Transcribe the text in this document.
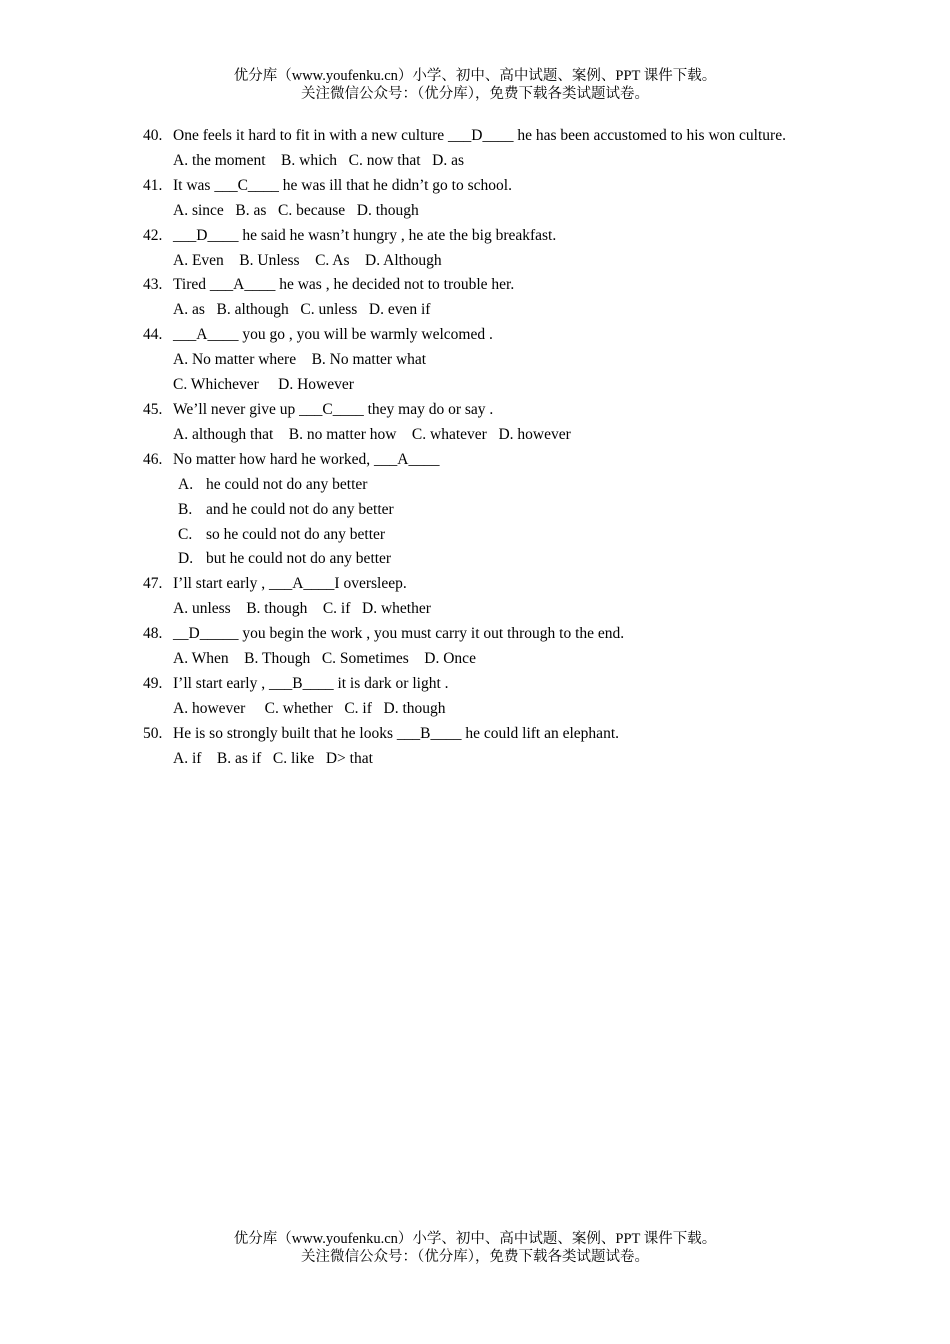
优分库（www.youfenku.cn）小学、初中、高中试题、案例、PPT 课件下载。
关注微信公众号：（优分库），免费下载各类试题试卷。
40. One feels it hard to fit in with a new culture ___D____ he has been accustomed to his won culture.
A. the moment    B. which   C. now that   D. as
41. It was ___C____ he was ill that he didn’t go to school.
A. since   B. as   C. because   D. though
42. ___D____ he said he wasn’t hungry , he ate the big breakfast.
A. Even    B. Unless    C. As    D. Although
43. Tired ___A____ he was , he decided not to trouble her.
A. as   B. although   C. unless   D. even if
44. ___A____ you go , you will be warmly welcomed .
A. No matter where    B. No matter what
C. Whichever     D. However
45. We’ll never give up ___C____ they may do or say .
A. although that    B. no matter how    C. whatever   D. however
46. No matter how hard he worked, ___A____
A. he could not do any better
B. and he could not do any better
C. so he could not do any better
D. but he could not do any better
47. I’ll start early , ___A____I oversleep.
A. unless    B. though    C. if   D. whether
48. __D_____ you begin the work , you must carry it out through to the end.
A. When    B. Though   C. Sometimes    D. Once
49. I’ll start early , ___B____ it is dark or light .
A. however     C. whether   C. if   D. though
50. He is so strongly built that he looks ___B____ he could lift an elephant.
A. if    B. as if   C. like   D> that
优分库（www.youfenku.cn）小学、初中、高中试题、案例、PPT 课件下载。
关注微信公众号：（优分库），免费下载各类试题试卷。
